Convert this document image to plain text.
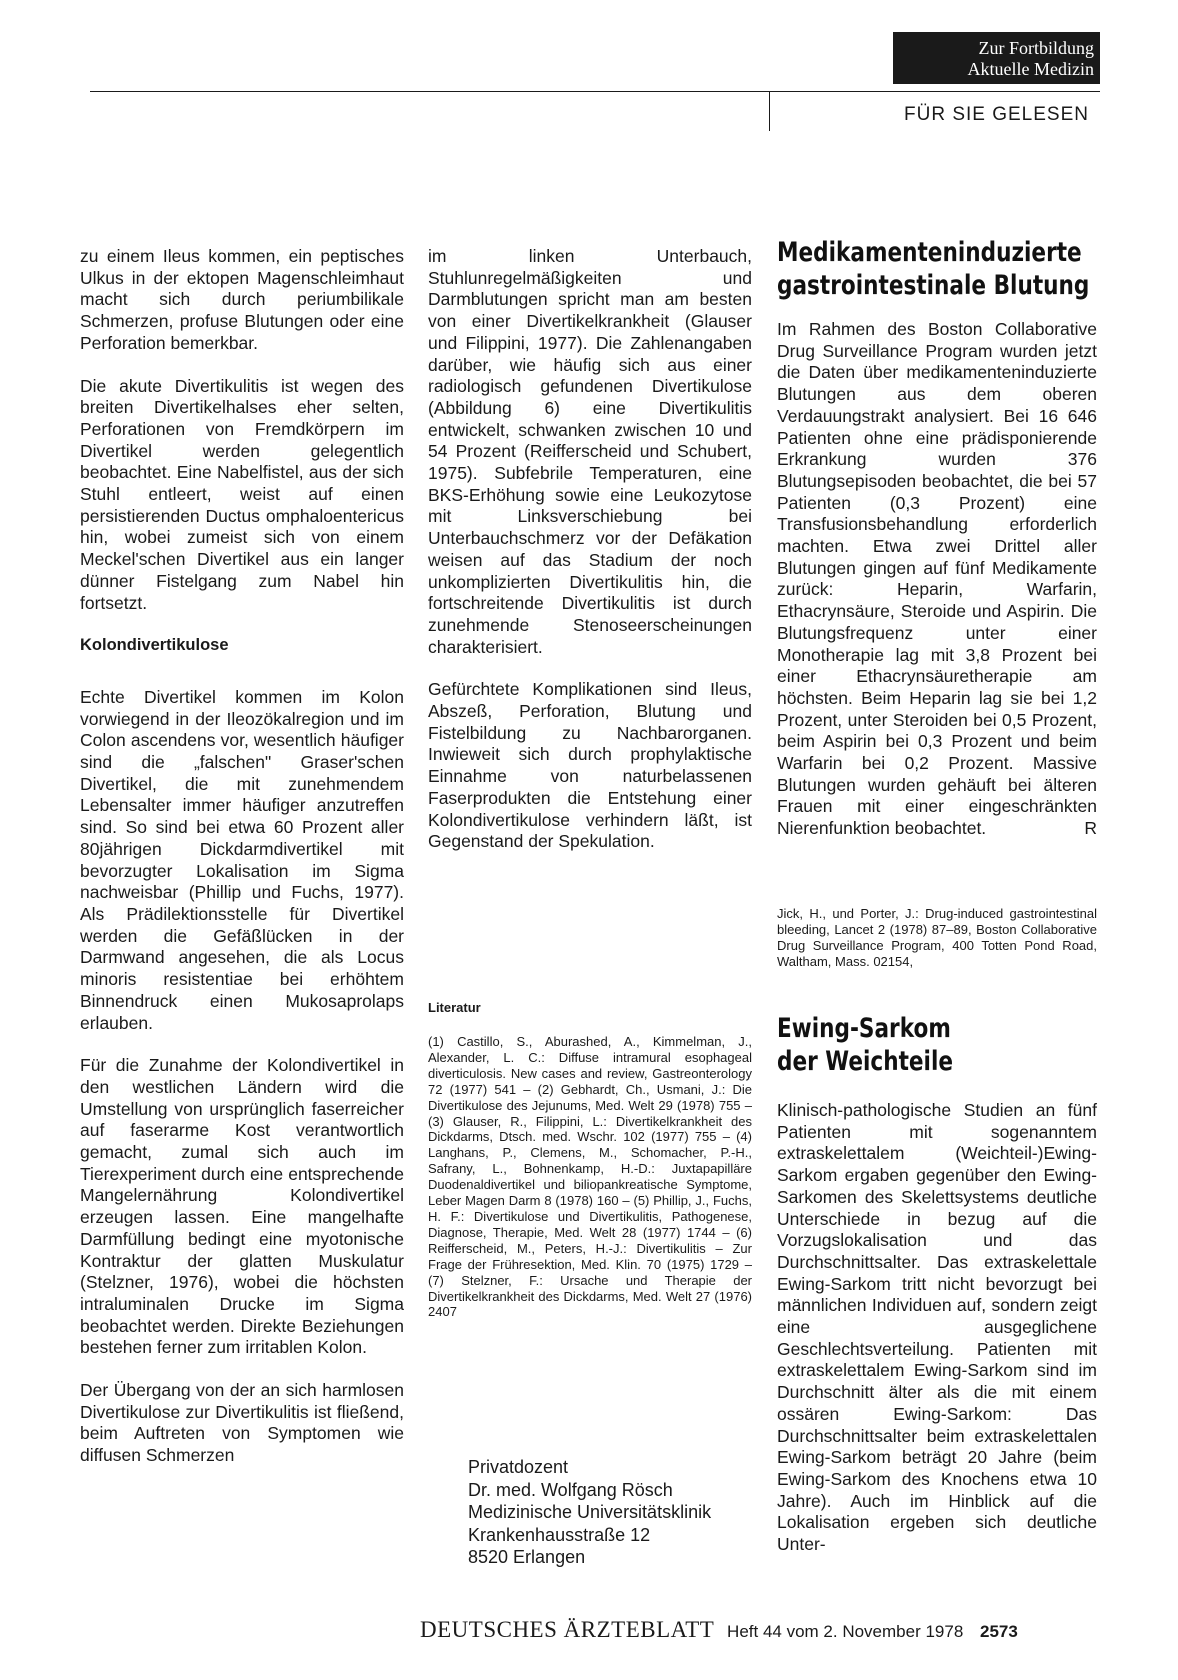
Zur Fortbildung
Aktuelle Medizin
FÜR SIE GELESEN

zu einem Ileus kommen, ein peptisches Ulkus in der ektopen Magenschleimhaut macht sich durch periumbilikale Schmerzen, profuse Blutungen oder eine Perforation bemerkbar.

Die akute Divertikulitis ist wegen des breiten Divertikelhalses eher selten, Perforationen von Fremdkörpern im Divertikel werden gelegentlich beobachtet. Eine Nabelfistel, aus der sich Stuhl entleert, weist auf einen persistierenden Ductus omphaloentericus hin, wobei zumeist sich von einem Meckel'schen Divertikel aus ein langer dünner Fistelgang zum Nabel hin fortsetzt.

Kolondivertikulose

Echte Divertikel kommen im Kolon vorwiegend in der Ileozökalregion und im Colon ascendens vor, wesentlich häufiger sind die „falschen" Graser'schen Divertikel, die mit zunehmendem Lebensalter immer häufiger anzutreffen sind. So sind bei etwa 60 Prozent aller 80jährigen Dickdarmdivertikel mit bevorzugter Lokalisation im Sigma nachweisbar (Phillip und Fuchs, 1977). Als Prädilektionsstelle für Divertikel werden die Gefäßlücken in der Darmwand angesehen, die als Locus minoris resistentiae bei erhöhtem Binnendruck einen Mukosaprolaps erlauben.

Für die Zunahme der Kolondivertikel in den westlichen Ländern wird die Umstellung von ursprünglich faserreicher auf faserarme Kost verantwortlich gemacht, zumal sich auch im Tierexperiment durch eine entsprechende Mangelernährung Kolondivertikel erzeugen lassen. Eine mangelhafte Darmfüllung bedingt eine myotonische Kontraktur der glatten Muskulatur (Stelzner, 1976), wobei die höchsten intraluminalen Drucke im Sigma beobachtet werden. Direkte Beziehungen bestehen ferner zum irritablen Kolon.

Der Übergang von der an sich harmlosen Divertikulose zur Divertikulitis ist fließend, beim Auftreten von Symptomen wie diffusen Schmerzen

im linken Unterbauch, Stuhlunregelmäßigkeiten und Darmblutungen spricht man am besten von einer Divertikelkrankheit (Glauser und Filippini, 1977). Die Zahlenangaben darüber, wie häufig sich aus einer radiologisch gefundenen Divertikulose (Abbildung 6) eine Divertikulitis entwickelt, schwanken zwischen 10 und 54 Prozent (Reifferscheid und Schubert, 1975). Subfebrile Temperaturen, eine BKS-Erhöhung sowie eine Leukozytose mit Linksverschiebung bei Unterbauchschmerz vor der Defäkation weisen auf das Stadium der noch unkomplizierten Divertikulitis hin, die fortschreitende Divertikulitis ist durch zunehmende Stenoseerscheinungen charakterisiert.

Gefürchtete Komplikationen sind Ileus, Abszeß, Perforation, Blutung und Fistelbildung zu Nachbarorganen. Inwieweit sich durch prophylaktische Einnahme von naturbelassenen Faserprodukten die Entstehung einer Kolondivertikulose verhindern läßt, ist Gegenstand der Spekulation.

Literatur

(1) Castillo, S., Aburashed, A., Kimmelman, J., Alexander, L. C.: Diffuse intramural esophageal diverticulosis. New cases and review, Gastreonterology 72 (1977) 541 – (2) Gebhardt, Ch., Usmani, J.: Die Divertikulose des Jejunums, Med. Welt 29 (1978) 755 – (3) Glauser, R., Filippini, L.: Divertikelkrankheit des Dickdarms, Dtsch. med. Wschr. 102 (1977) 755 – (4) Langhans, P., Clemens, M., Schomacher, P.-H., Safrany, L., Bohnenkamp, H.-D.: Juxtapapilläre Duodenaldivertikel und biliopankreatische Symptome, Leber Magen Darm 8 (1978) 160 – (5) Phillip, J., Fuchs, H. F.: Divertikulose und Divertikulitis, Pathogenese, Diagnose, Therapie, Med. Welt 28 (1977) 1744 – (6) Reifferscheid, M., Peters, H.-J.: Divertikulitis – Zur Frage der Frühresektion, Med. Klin. 70 (1975) 1729 – (7) Stelzner, F.: Ursache und Therapie der Divertikelkrankheit des Dickdarms, Med. Welt 27 (1976) 2407

Privatdozent
Dr. med. Wolfgang Rösch
Medizinische Universitätsklinik
Krankenhausstraße 12
8520 Erlangen
Medikamenteninduzierte
gastrointestinale Blutung

Im Rahmen des Boston Collaborative Drug Surveillance Program wurden jetzt die Daten über medikamenteninduzierte Blutungen aus dem oberen Verdauungstrakt analysiert. Bei 16 646 Patienten ohne eine prädisponierende Erkrankung wurden 376 Blutungsepisoden beobachtet, die bei 57 Patienten (0,3 Prozent) eine Transfusionsbehandlung erforderlich machten. Etwa zwei Drittel aller Blutungen gingen auf fünf Medikamente zurück: Heparin, Warfarin, Ethacrynsäure, Steroide und Aspirin. Die Blutungsfrequenz unter einer Monotherapie lag mit 3,8 Prozent bei einer Ethacrynsäuretherapie am höchsten. Beim Heparin lag sie bei 1,2 Prozent, unter Steroiden bei 0,5 Prozent, beim Aspirin bei 0,3 Prozent und beim Warfarin bei 0,2 Prozent. Massive Blutungen wurden gehäuft bei älteren Frauen mit einer eingeschränkten Nierenfunktion beobachtet.	R

Jick, H., und Porter, J.: Drug-induced gastrointestinal bleeding, Lancet 2 (1978) 87–89, Boston Collaborative Drug Surveillance Program, 400 Totten Pond Road, Waltham, Mass. 02154,

Ewing-Sarkom
der Weichteile

Klinisch-pathologische Studien an fünf Patienten mit sogenanntem extraskelettalem (Weichteil-)Ewing-Sarkom ergaben gegenüber den Ewing-Sarkomen des Skelettsystems deutliche Unterschiede in bezug auf die Vorzugslokalisation und das Durchschnittsalter. Das extraskelettale Ewing-Sarkom tritt nicht bevorzugt bei männlichen Individuen auf, sondern zeigt eine ausgeglichene Geschlechtsverteilung. Patienten mit extraskelettalem Ewing-Sarkom sind im Durchschnitt älter als die mit einem ossären Ewing-Sarkom: Das Durchschnittsalter beim extraskelettalen Ewing-Sarkom beträgt 20 Jahre (beim Ewing-Sarkom des Knochens etwa 10 Jahre). Auch im Hinblick auf die Lokalisation ergeben sich deutliche Unter-

DEUTSCHES ÄRZTEBLATT Heft 44 vom 2. November 1978 2573
